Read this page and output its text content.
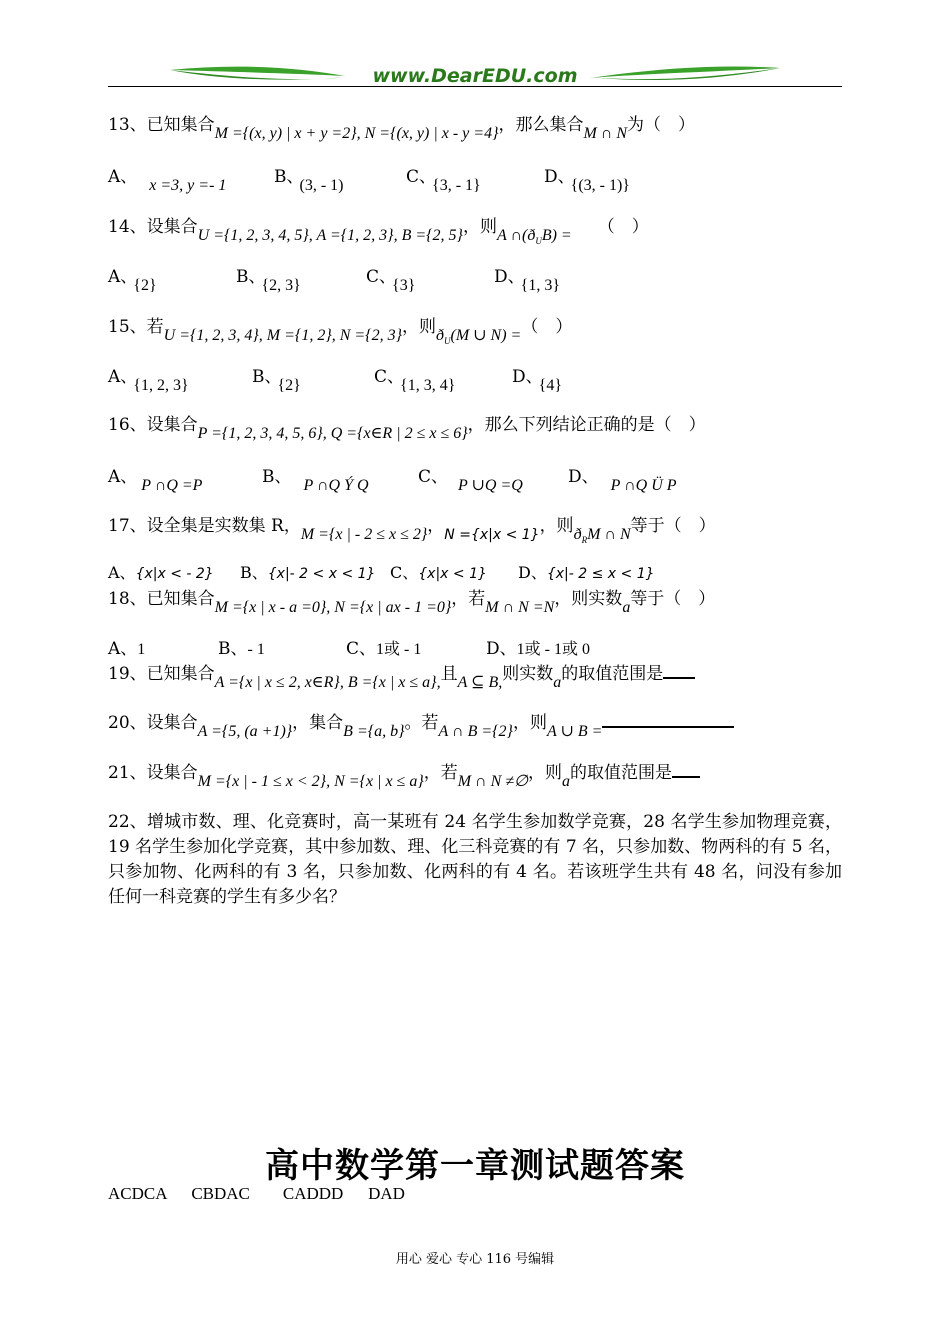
www.DearEDU.com
13、已知集合M ={(x, y) | x + y =2}, N ={(x, y) | x - y =4}，那么集合M ∩ N为（　）
A、 x =3, y =- 1	B、(3, - 1)	C、{3, - 1}	D、{(3, - 1)}
14、设集合U ={1, 2, 3, 4, 5}, A ={1, 2, 3}, B ={2, 5}，则A $\cap(ð_UB)$ = （　）
A、{2}	B、{2, 3}	C、{3}	D、{1, 3}
15、若U ={1, 2, 3, 4}, M ={1, 2}, N ={2, 3}，则$ð_U(M$ ∪ N) =（　）
A、{1, 2, 3}	B、{2}	C、{1, 3, 4}	D、{4}
16、设集合P ={1, 2, 3, 4, 5, 6}, Q ={x∈R | 2 ≤ x ≤ 6}，那么下列结论正确的是（　）
A、 P ∩Q =P	B、 P ∩Q Ý Q	C、 P ∪Q =Q	D、 P ∩Q Ü P
17、设全集是实数集 R，M ={x | - 2 ≤ x ≤ 2}，$_{N =\{x|x < 1\}}$，则$ð_RM$ ∩ N等于（　）
A、{x|x < - 2} B、{x|- 2 < x < 1} C、{x|x < 1} D、{x|- 2 ≤ x < 1}
18、已知集合M ={x | x - a =0}, N ={x | ax - 1 =0}，若M ∩ N =N，则实数a等于（　）
A、1	B、- 1	C、1或 - 1	D、1或 - 1或 0
19、已知集合A ={x | x ≤ 2, x∈R}, B ={x | x ≤ a},且A ⊆ B,则实数a的取值范围是
20、设集合A ={5, (a +1)}，集合B ={a, b}。若A ∩ B ={2}，则A ∪ B =
21、设集合M ={x | - 1 ≤ x < 2}, N ={x | x ≤ a}，若M ∩ N ≠∅，则a的取值范围是
22、增城市数、理、化竞赛时，高一某班有 24 名学生参加数学竞赛，28 名学生参加物理竞赛，19 名学生参加化学竞赛，其中参加数、理、化三科竞赛的有 7 名，只参加数、物两科的有 5 名，只参加物、化两科的有 3 名，只参加数、化两科的有 4 名。若该班学生共有 48 名，问没有参加任何一科竞赛的学生有多少名？
高中数学第一章测试题答案
ACDCA   CBDAC    CADDD   DAD
用心 爱心 专心 116 号编辑
